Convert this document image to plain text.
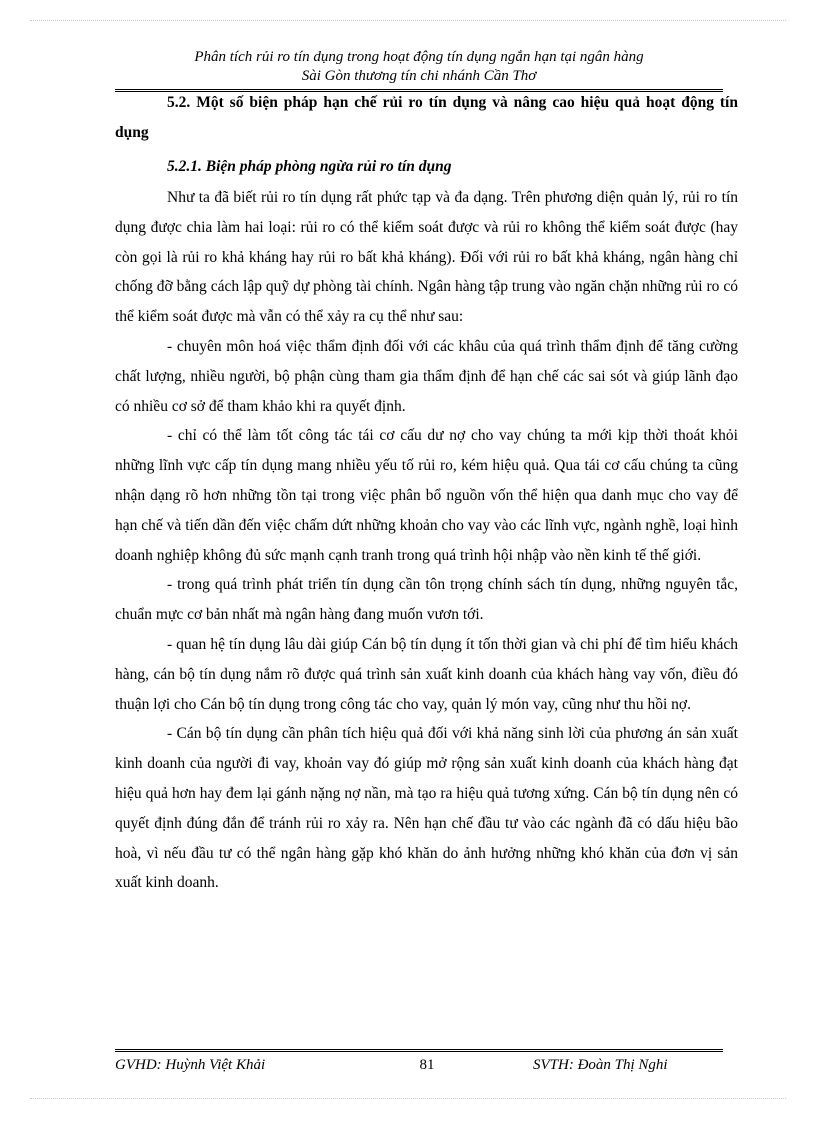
Phân tích rủi ro tín dụng trong hoạt động tín dụng ngắn hạn tại ngân hàng
Sài Gòn thương tín chi nhánh Cần Thơ

5.2. Một số biện pháp hạn chế rủi ro tín dụng và nâng cao hiệu quả hoạt động tín dụng

5.2.1. Biện pháp phòng ngừa rủi ro tín dụng

Như ta đã biết rủi ro tín dụng rất phức tạp và đa dạng. Trên phương diện quản lý, rủi ro tín dụng được chia làm hai loại: rủi ro có thể kiểm soát được và rủi ro không thể kiểm soát được (hay còn gọi là rủi ro khả kháng hay rủi ro bất khả kháng). Đối với rủi ro bất khả kháng, ngân hàng chỉ chống đỡ bằng cách lập quỹ dự phòng tài chính. Ngân hàng tập trung vào ngăn chặn những rủi ro có thể kiểm soát được mà vẫn có thể xảy ra cụ thể như sau:

- chuyên môn hoá việc thẩm định đối với các khâu của quá trình thẩm định để tăng cường chất lượng, nhiều người, bộ phận cùng tham gia thẩm định để hạn chế các sai sót và giúp lãnh đạo có nhiều cơ sở để tham khảo khi ra quyết định.

- chỉ có thể làm tốt công tác tái cơ cấu dư nợ cho vay chúng ta mới kịp thời thoát khỏi những lĩnh vực cấp tín dụng mang nhiều yếu tố rủi ro, kém hiệu quả. Qua tái cơ cấu chúng ta cũng nhận dạng rõ hơn những tồn tại trong việc phân bổ nguồn vốn thể hiện qua danh mục cho vay để hạn chế và tiến dần đến việc chấm dứt những khoản cho vay vào các lĩnh vực, ngành nghề, loại hình doanh nghiệp không đủ sức mạnh cạnh tranh trong quá trình hội nhập vào nền kinh tế thế giới.

- trong quá trình phát triển tín dụng cần tôn trọng chính sách tín dụng, những nguyên tắc, chuẩn mực cơ bản nhất mà ngân hàng đang muốn vươn tới.

- quan hệ tín dụng lâu dài giúp Cán bộ tín dụng ít tốn thời gian và chi phí để tìm hiểu khách hàng, cán bộ tín dụng nắm rõ được quá trình sản xuất kinh doanh của khách hàng vay vốn, điều đó thuận lợi cho Cán bộ tín dụng trong công tác cho vay, quản lý món vay, cũng như thu hồi nợ.

- Cán bộ tín dụng cần phân tích hiệu quả đối với khả năng sinh lời của phương án sản xuất kinh doanh của người đi vay, khoản vay đó giúp mở rộng sản xuất kinh doanh của khách hàng đạt hiệu quả hơn hay đem lại gánh nặng nợ nần, mà tạo ra hiệu quả tương xứng. Cán bộ tín dụng nên có quyết định đúng đắn để tránh rủi ro xảy ra. Nên hạn chế đầu tư vào các ngành đã có dấu hiệu bão hoà, vì nếu đầu tư có thể ngân hàng gặp khó khăn do ảnh hưởng những khó khăn của đơn vị sản xuất kinh doanh.

GVHD: Huỳnh Việt Khải	81	SVTH: Đoàn Thị Nghi
